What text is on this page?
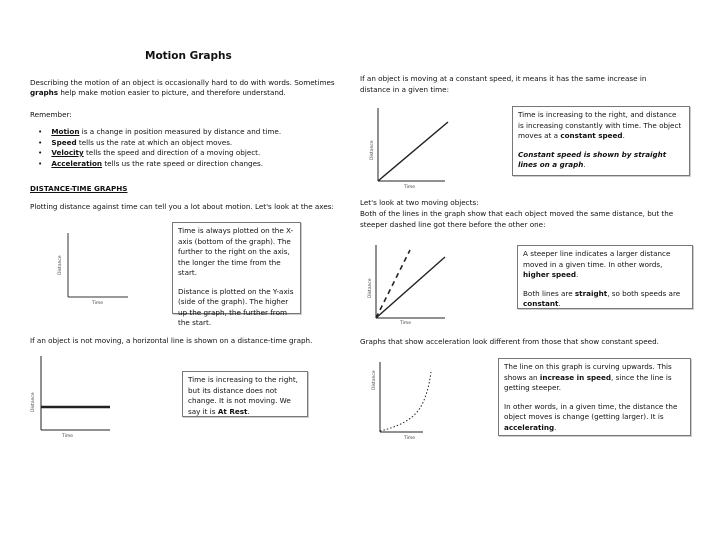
Motion Graphs
Describing the motion of an object is occasionally hard to do with words. Sometimes
graphs help make motion easier to picture, and therefore understand.
Remember:
•    Motion is a change in position measured by distance and time.
•    Speed tells us the rate at which an object moves.
•    Velocity tells the speed and direction of a moving object.
•    Acceleration tells us the rate speed or direction changes.
DISTANCE-TIME GRAPHS
Plotting distance against time can tell you a lot about motion. Let's look at the axes:
Distance
Time
Distance
Time
Distance
Time
Distance
Time
Distance
Time

Time is always plotted on the X-axis (bottom of the graph). The further to the right on the axis, the longer the time from the start.

Distance is plotted on the Y-axis (side of the graph). The higher up the graph, the further from the start.

If an object is not moving, a horizontal line is shown on a distance-time graph.
Time is increasing to the right, but its distance does not change. It is not moving. We say it is At Rest.
If an object is moving at a constant speed, it means it has the same increase in
distance in a given time:

Time is increasing to the right, and distance is increasing constantly with time. The object moves at a constant speed.

Constant speed is shown by straight lines on a graph.

Let's look at two moving objects:
Both of the lines in the graph show that each object moved the same distance, but the
steeper dashed line got there before the other one:

A steeper line indicates a larger distance moved in a given time. In other words, higher speed.

Both lines are straight, so both speeds are constant.

Graphs that show acceleration look different from those that show constant speed.

The line on this graph is curving upwards. This shows an increase in speed, since the line is getting steeper.

In other words, in a given time, the distance the object moves is change (getting larger). It is accelerating.
